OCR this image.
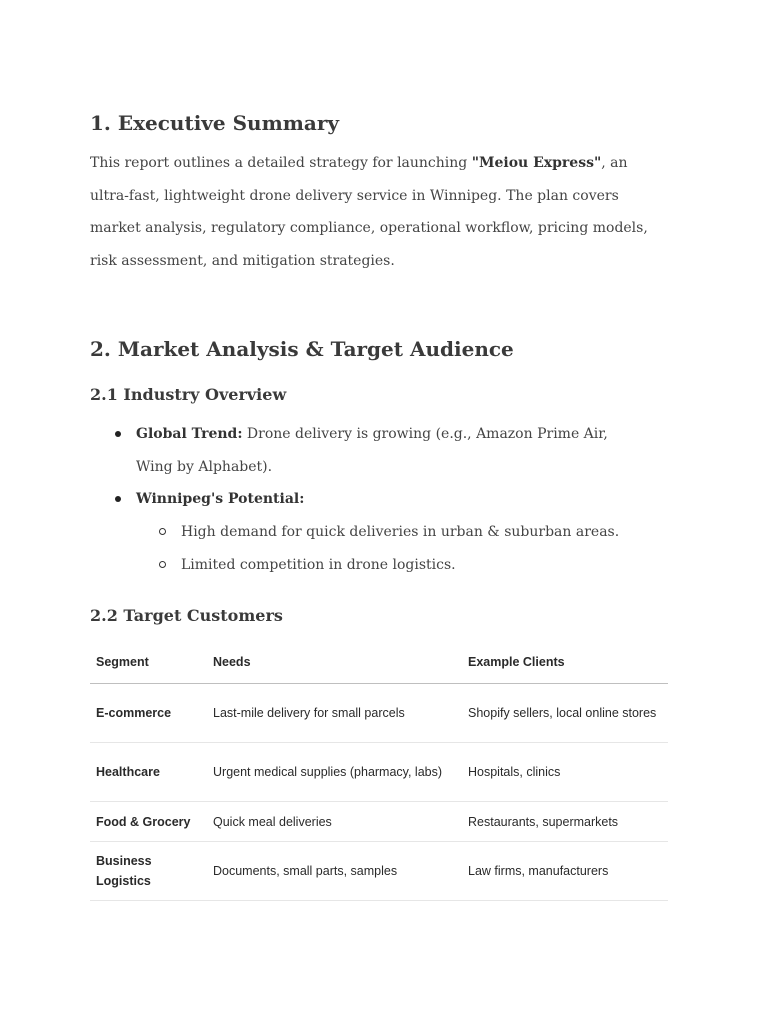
1. Executive Summary

This report outlines a detailed strategy for launching "Meiou Express", an ultra-fast, lightweight drone delivery service in Winnipeg. The plan covers market analysis, regulatory compliance, operational workflow, pricing models, risk assessment, and mitigation strategies.

2. Market Analysis & Target Audience
2.1 Industry Overview
Global Trend: Drone delivery is growing (e.g., Amazon Prime Air, Wing by Alphabet).
Winnipeg's Potential:
High demand for quick deliveries in urban & suburban areas.
Limited competition in drone logistics.
2.2 Target Customers
Segment	Needs	Example Clients
E-commerce	Last-mile delivery for small parcels	Shopify sellers, local online stores
Healthcare	Urgent medical supplies (pharmacy, labs)	Hospitals, clinics
Food & Grocery	Quick meal deliveries	Restaurants, supermarkets
Business Logistics	Documents, small parts, samples	Law firms, manufacturers
